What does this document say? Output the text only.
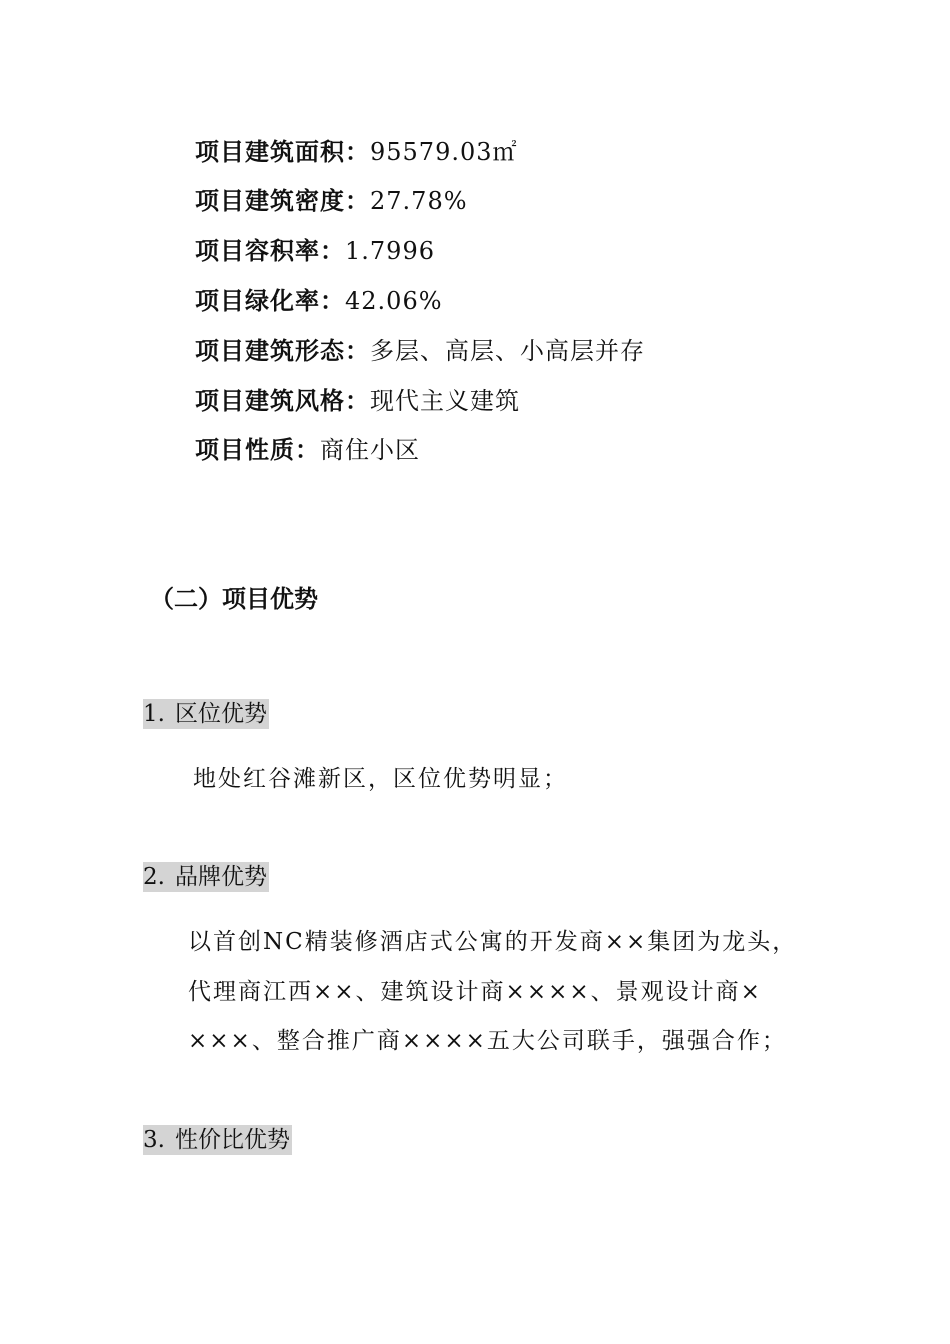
项目建筑面积：95579.03㎡
项目建筑密度：27.78%
项目容积率：1.7996
项目绿化率：42.06%
项目建筑形态：多层、高层、小高层并存
项目建筑风格：现代主义建筑
项目性质：商住小区
（二）项目优势
1. 区位优势
地处红谷滩新区，区位优势明显；
2. 品牌优势
以首创NC精装修酒店式公寓的开发商××集团为龙头，
代理商江西××、建筑设计商××××、景观设计商×
×××、整合推广商××××五大公司联手，强强合作；
3. 性价比优势
